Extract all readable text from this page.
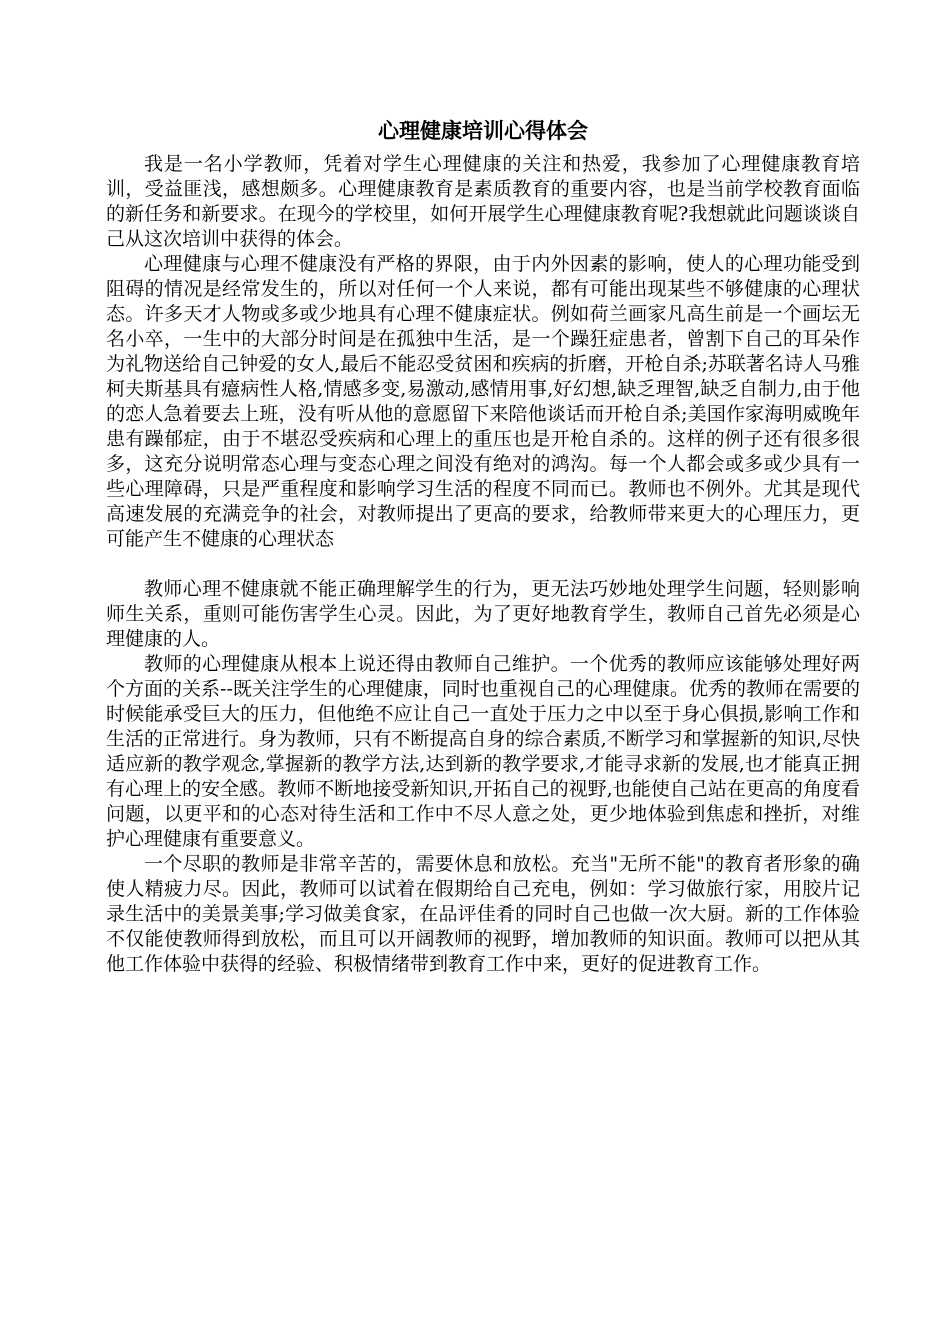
心理健康培训心得体会

我是一名小学教师，凭着对学生心理健康的关注和热爱，我参加了心理健康教育培训，受益匪浅，感想颇多。心理健康教育是素质教育的重要内容，也是当前学校教育面临的新任务和新要求。在现今的学校里，如何开展学生心理健康教育呢?我想就此问题谈谈自己从这次培训中获得的体会。

心理健康与心理不健康没有严格的界限，由于内外因素的影响，使人的心理功能受到阻碍的情况是经常发生的，所以对任何一个人来说，都有可能出现某些不够健康的心理状态。许多天才人物或多或少地具有心理不健康症状。例如荷兰画家凡高生前是一个画坛无名小卒，一生中的大部分时间是在孤独中生活，是一个躁狂症患者，曾割下自己的耳朵作为礼物送给自己钟爱的女人,最后不能忍受贫困和疾病的折磨，开枪自杀;苏联著名诗人马雅柯夫斯基具有癔病性人格,情感多变,易激动,感情用事,好幻想,缺乏理智,缺乏自制力,由于他的恋人急着要去上班，没有听从他的意愿留下来陪他谈话而开枪自杀;美国作家海明威晚年患有躁郁症，由于不堪忍受疾病和心理上的重压也是开枪自杀的。这样的例子还有很多很多，这充分说明常态心理与变态心理之间没有绝对的鸿沟。每一个人都会或多或少具有一些心理障碍，只是严重程度和影响学习生活的程度不同而已。教师也不例外。尤其是现代高速发展的充满竞争的社会，对教师提出了更高的要求，给教师带来更大的心理压力，更可能产生不健康的心理状态

教师心理不健康就不能正确理解学生的行为，更无法巧妙地处理学生问题，轻则影响师生关系，重则可能伤害学生心灵。因此，为了更好地教育学生，教师自己首先必须是心理健康的人。

教师的心理健康从根本上说还得由教师自己维护。一个优秀的教师应该能够处理好两个方面的关系--既关注学生的心理健康，同时也重视自己的心理健康。优秀的教师在需要的时候能承受巨大的压力，但他绝不应让自己一直处于压力之中以至于身心俱损,影响工作和生活的正常进行。身为教师，只有不断提高自身的综合素质,不断学习和掌握新的知识,尽快适应新的教学观念,掌握新的教学方法,达到新的教学要求,才能寻求新的发展,也才能真正拥有心理上的安全感。教师不断地接受新知识,开拓自己的视野,也能使自己站在更高的角度看问题，以更平和的心态对待生活和工作中不尽人意之处，更少地体验到焦虑和挫折，对维护心理健康有重要意义。

一个尽职的教师是非常辛苦的，需要休息和放松。充当"无所不能"的教育者形象的确使人精疲力尽。因此，教师可以试着在假期给自己充电，例如：学习做旅行家，用胶片记录生活中的美景美事;学习做美食家，在品评佳肴的同时自己也做一次大厨。新的工作体验不仅能使教师得到放松，而且可以开阔教师的视野，增加教师的知识面。教师可以把从其他工作体验中获得的经验、积极情绪带到教育工作中来，更好的促进教育工作。
